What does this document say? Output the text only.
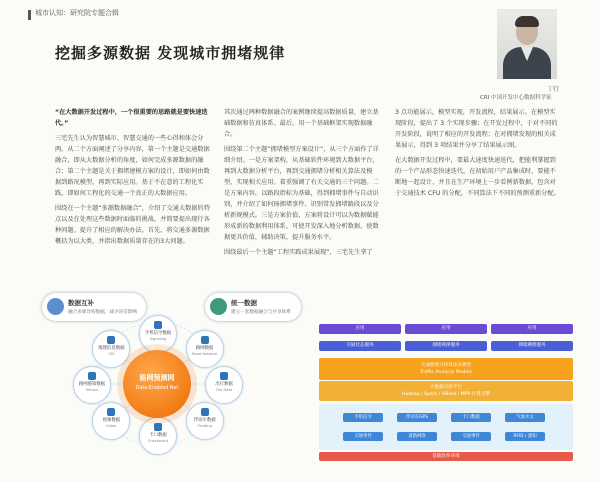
城市认知：研究院专题合辑
挖掘多源数据 发现城市拥堵规律
丁行
CRI 中国开发中心数据科学家

“在大数据开发过程中，一个很重要的思路就是要快速迭代。”

三宅先生认为智慧城市、智慧交通的一些心得和体会分两。从二个方面阐述了分享内容，第一个主题是交通数据融合，即从大数据分析的角度，如何完成多源数据的融合；第二个主题是关于拥堵建模方案的设计，即如何由数据到路况模型，再到实际应用。基于不在意的工程化实践，即如何工程化的交通一个真正的大数据应用。

围绕在一个主题“多源数据融合”，介绍了交通大数据的特点以及在处理这些数据时面临的挑战，并简要提出现行各种问题。提升了相应的解决办法。首先，将交通多源数据概括为以大类，并指出数据质量存在的3大问题。

其次通过两种数据融合的案例继续提高数据质量，建立基础数据和仿真体系。最后，用一个基础框架实现数据融合。

围绕第二个主题“拥堵模型方案设计”，从三个方面作了详细介绍。一是方案架构，从基础软件环境到大数据平台，再到大数据分析平台，再到交通拥堵分析相关算法及模型，实现相关应用。着重强调了有关交通的三个问题。二是方案内容，以路段指标为基础，得到拥堵事件与自动识别，并介绍了如何扬拥堵事件、识别常发拥堵路段以及分析新规模式。三是方案价值，方案将设计可以为数据赋能形成新的数据利用体系，可使开发深入地分析数据，使数据更具价值，辅助决策，提升服务水平。

围绕最后一个主题“工程实践成果展现”，三宅先生拿了

3 点功能展示，模型实现，开发流程，结果展示。在模型实现阶段，提出了 3 个实现步骤；在开发过程中，于对不同的开发阶段，说明了相应的开发流程；在对拥堵发现的相关成果展示，得到 3 项结果并分享了结果展示图。

在大数据开发过程中，要最大速度快速迭代，把能利掌握到的一个产品形态快速迭代，在初始用户产品集成时，要能不断地一起设计，并且在生产环境上一步看例新数据，包含对于交通技术 CFU 的分配，不同算法下不同的预测重新分配。

数据互补
融合多源异构数据，减少误差影响
统一数据
建立一套数据融合与共享体系
手机信令数据
Signaling
路网数据
Road Network
出行数据
Trip Data
浮动车数据
Floating
卡口数据
Checkpoint
视频数据
Video
路网感知数据
Sensor
地理信息数据
GIS
路网预测网
Data-Enabled Net
应用	应用	应用
交通状态服务	拥堵规律服务	拥堵溯源服务
交通拥堵分析算法及模型
Traffic Analysis Models
大数据分析平台
Hadoop / Spark / HBase / MPP 计算引擎
手机信令	浮动车GPS	卡口数据	气象水文
交通事件	道路网络	交通事件	RFID / 感知
基础软件环境
